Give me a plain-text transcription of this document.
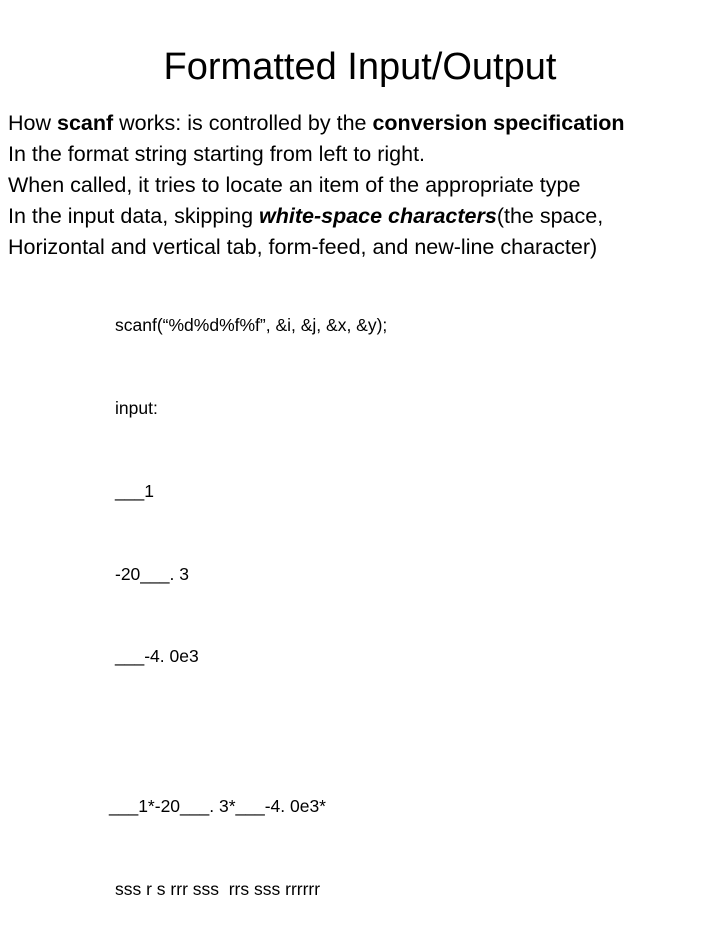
Formatted Input/Output
How scanf works: is controlled by the conversion specification
In the format string starting from left to right.
When called, it tries to locate an item of the appropriate type
In the input data, skipping white-space characters(the space,
Horizontal and vertical tab, form-feed, and new-line character)

scanf(“%d%d%f%f”, &i, &j, &x, &y);

input:

___1

-20___. 3

___-4. 0e3

___1*-20___. 3*___-4. 0e3*

sss r s rrr sss  rrs sss rrrrrr
